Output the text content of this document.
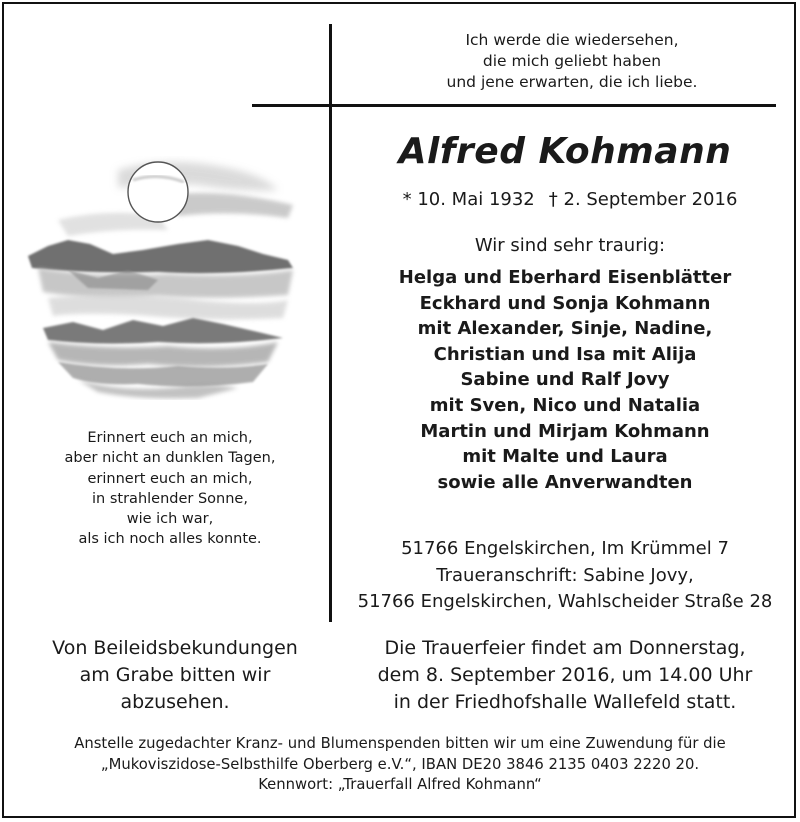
Ich werde die wiedersehen,
die mich geliebt haben
und jene erwarten, die ich liebe.
Alfred Kohmann
* 10. Mai 1932 † 2. September 2016
Wir sind sehr traurig:
Helga und Eberhard Eisenblätter
Eckhard und Sonja Kohmann
mit Alexander, Sinje, Nadine,
Christian und Isa mit Alija
Sabine und Ralf Jovy
mit Sven, Nico und Natalia
Martin und Mirjam Kohmann
mit Malte und Laura
sowie alle Anverwandten
51766 Engelskirchen, Im Krümmel 7
Traueranschrift: Sabine Jovy,
51766 Engelskirchen, Wahlscheider Straße 28
Die Trauerfeier findet am Donnerstag,
dem 8. September 2016, um 14.00 Uhr
in der Friedhofshalle Wallefeld statt.
Erinnert euch an mich,
aber nicht an dunklen Tagen,
erinnert euch an mich,
in strahlender Sonne,
wie ich war,
als ich noch alles konnte.
Von Beileidsbekundungen
am Grabe bitten wir
abzusehen.
Anstelle zugedachter Kranz- und Blumenspenden bitten wir um eine Zuwendung für die
„Mukoviszidose-Selbsthilfe Oberberg e.V.“, IBAN DE20 3846 2135 0403 2220 20.
Kennwort: „Trauerfall Alfred Kohmann“
